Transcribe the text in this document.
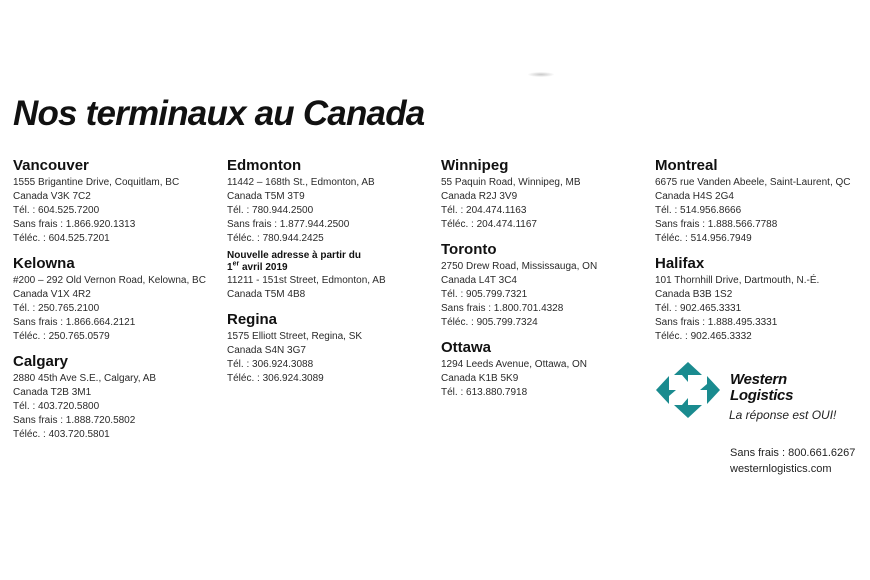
Nos terminaux au Canada
Vancouver
1555 Brigantine Drive, Coquitlam, BC
Canada V3K 7C2
Tél. : 604.525.7200
Sans frais : 1.866.920.1313
Téléc. : 604.525.7201
Kelowna
#200 – 292 Old Vernon Road, Kelowna, BC
Canada V1X 4R2
Tél. : 250.765.2100
Sans frais : 1.866.664.2121
Téléc. : 250.765.0579
Calgary
2880 45th Ave S.E., Calgary, AB
Canada T2B 3M1
Tél. : 403.720.5800
Sans frais : 1.888.720.5802
Téléc. : 403.720.5801
Edmonton
11442 – 168th St., Edmonton, AB
Canada T5M 3T9
Tél. : 780.944.2500
Sans frais : 1.877.944.2500
Téléc. : 780.944.2425
Nouvelle adresse à partir du
1er avril 2019
11211 - 151st Street, Edmonton, AB
Canada T5M 4B8
Regina
1575 Elliott Street, Regina, SK
Canada S4N 3G7
Tél. : 306.924.3088
Téléc. : 306.924.3089
Winnipeg
55 Paquin Road, Winnipeg, MB
Canada R2J 3V9
Tél. : 204.474.1163
Téléc. : 204.474.1167
Toronto
2750 Drew Road, Mississauga, ON
Canada L4T 3C4
Tél. : 905.799.7321
Sans frais : 1.800.701.4328
Téléc. : 905.799.7324
Ottawa
1294 Leeds Avenue, Ottawa, ON
Canada K1B 5K9
Tél. : 613.880.7918
Montreal
6675 rue Vanden Abeele, Saint-Laurent, QC
Canada H4S 2G4
Tél. : 514.956.8666
Sans frais : 1.888.566.7788
Téléc. : 514.956.7949
Halifax
101 Thornhill Drive, Dartmouth, N.-É.
Canada B3B 1S2
Tél. : 902.465.3331
Sans frais : 1.888.495.3331
Téléc. : 902.465.3332
Western
Logistics
La réponse est OUI!
Sans frais : 800.661.6267
westernlogistics.com
